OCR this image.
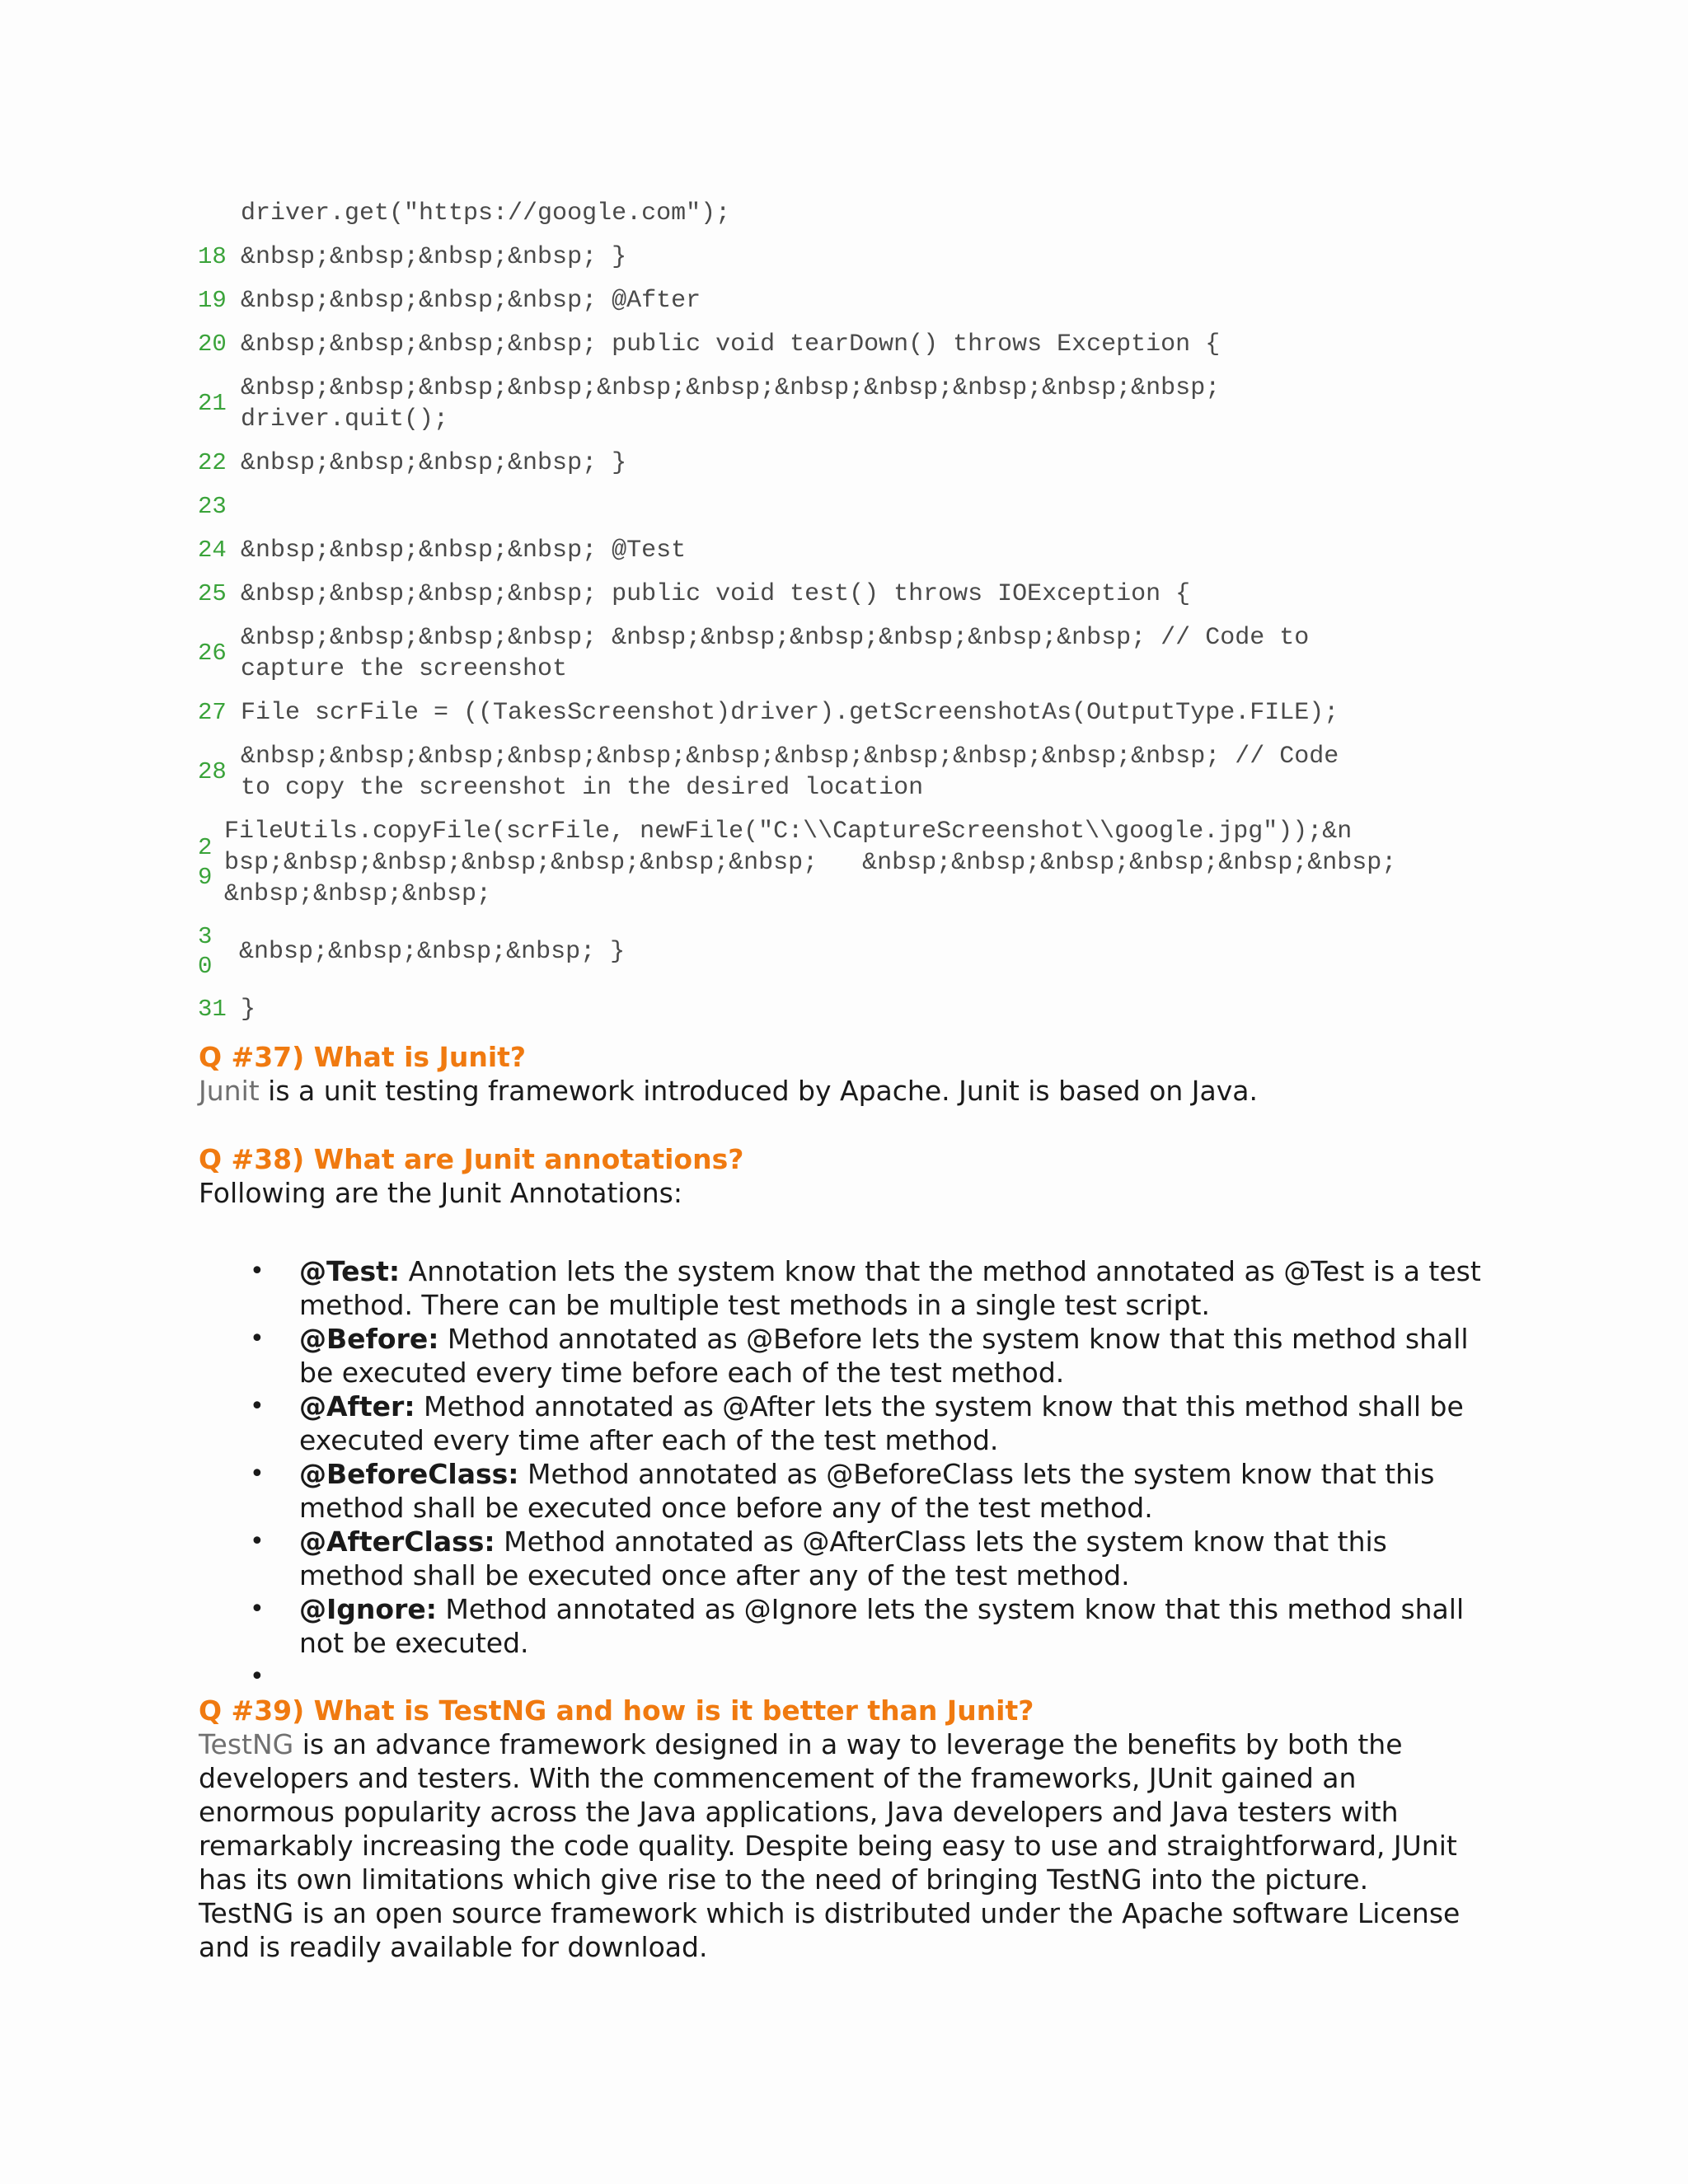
driver.get("https://google.com");
18 &nbsp;&nbsp;&nbsp;&nbsp; }
19 &nbsp;&nbsp;&nbsp;&nbsp; @After
20 &nbsp;&nbsp;&nbsp;&nbsp; public void tearDown() throws Exception {
21
&nbsp;&nbsp;&nbsp;&nbsp;&nbsp;&nbsp;&nbsp;&nbsp;&nbsp;&nbsp;&nbsp;
driver.quit();
22 &nbsp;&nbsp;&nbsp;&nbsp; }
23
24 &nbsp;&nbsp;&nbsp;&nbsp; @Test
25 &nbsp;&nbsp;&nbsp;&nbsp; public void test() throws IOException {
26
&nbsp;&nbsp;&nbsp;&nbsp; &nbsp;&nbsp;&nbsp;&nbsp;&nbsp;&nbsp; // Code to
capture the screenshot
27 File scrFile = ((TakesScreenshot)driver).getScreenshotAs(OutputType.FILE);
28
&nbsp;&nbsp;&nbsp;&nbsp;&nbsp;&nbsp;&nbsp;&nbsp;&nbsp;&nbsp;&nbsp; // Code
to copy the screenshot in the desired location
2
9
FileUtils.copyFile(scrFile, newFile("C:\\CaptureScreenshot\\google.jpg"));&n
bsp;&nbsp;&nbsp;&nbsp;&nbsp;&nbsp;&nbsp;   &nbsp;&nbsp;&nbsp;&nbsp;&nbsp;&nbsp;
&nbsp;&nbsp;&nbsp;
3
0
&nbsp;&nbsp;&nbsp;&nbsp; }
31 }
Q #37) What is Junit?

Junit is a unit testing framework introduced by Apache. Junit is based on Java.

Q #38) What are Junit annotations?

Following are the Junit Annotations:

• @Test: Annotation lets the system know that the method annotated as @Test is a test method. There can be multiple test methods in a single test script.
• @Before: Method annotated as @Before lets the system know that this method shall be executed every time before each of the test method.
• @After: Method annotated as @After lets the system know that this method shall be executed every time after each of the test method.
• @BeforeClass: Method annotated as @BeforeClass lets the system know that this method shall be executed once before any of the test method.
• @AfterClass: Method annotated as @AfterClass lets the system know that this method shall be executed once after any of the test method.
• @Ignore: Method annotated as @Ignore lets the system know that this method shall not be executed.
•
Q #39) What is TestNG and how is it better than Junit?

TestNG is an advance framework designed in a way to leverage the benefits by both the developers and testers. With the commencement of the frameworks, JUnit gained an enormous popularity across the Java applications, Java developers and Java testers with remarkably increasing the code quality. Despite being easy to use and straightforward, JUnit has its own limitations which give rise to the need of bringing TestNG into the picture.

TestNG is an open source framework which is distributed under the Apache software License and is readily available for download.
